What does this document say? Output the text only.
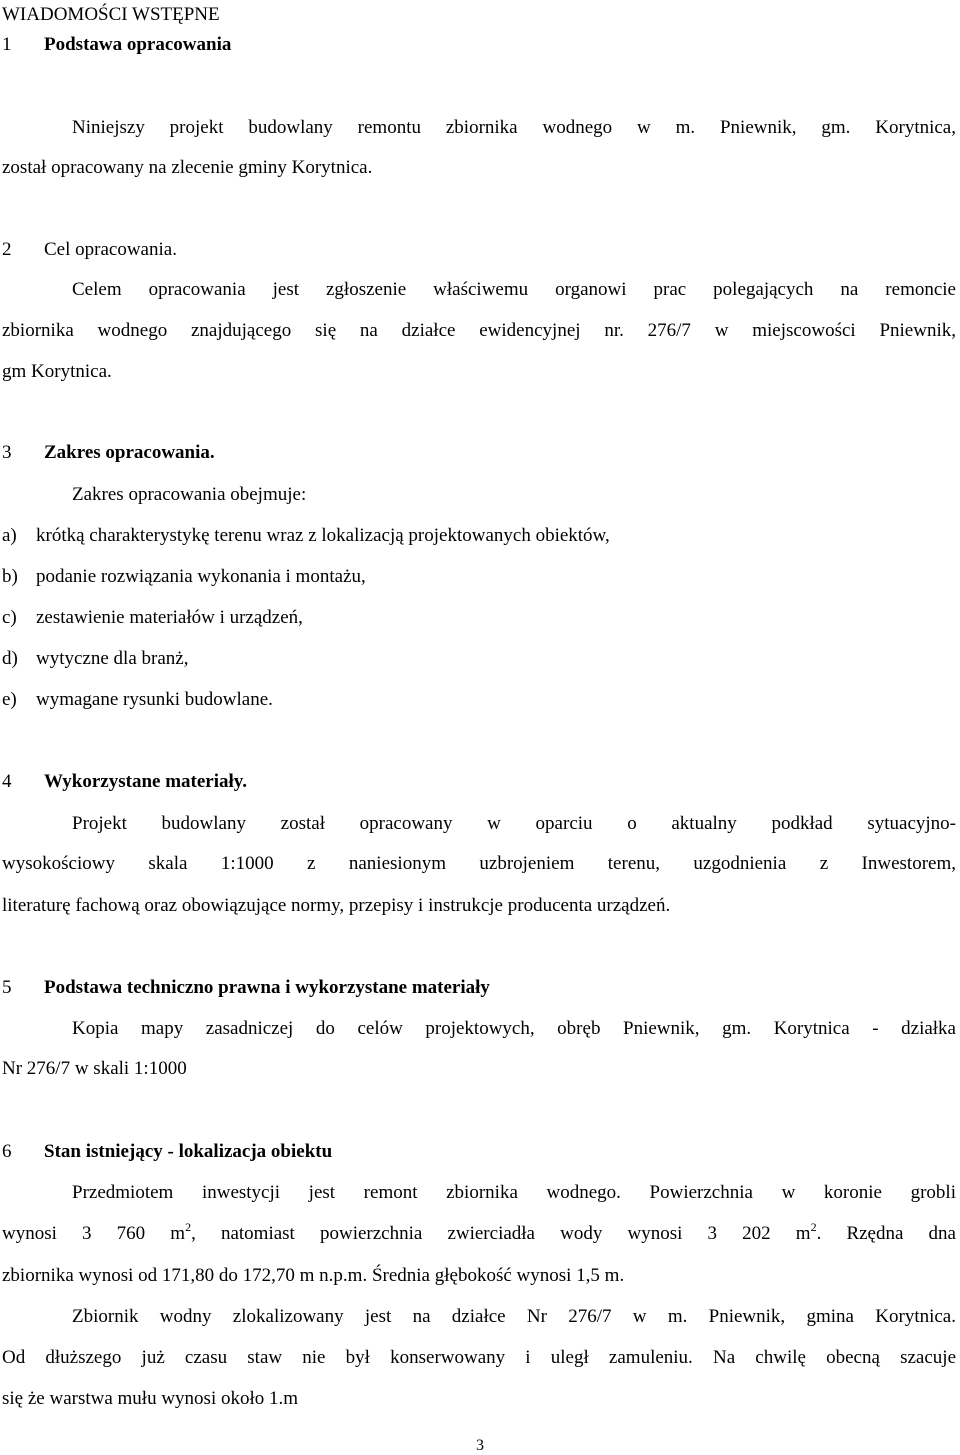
WIADOMOŚCI WSTĘPNE
1 Podstawa opracowania
Niniejszy projekt budowlany remontu zbiornika wodnego w m. Pniewnik, gm. Korytnica,
został opracowany na zlecenie gminy Korytnica.
2 Cel opracowania.
Celem opracowania jest zgłoszenie właściwemu organowi prac polegających na remoncie
zbiornika wodnego znajdującego się na działce ewidencyjnej nr. 276/7 w miejscowości Pniewnik,
gm Korytnica.
3 Zakres opracowania.
Zakres opracowania obejmuje:
a) krótką charakterystykę terenu wraz z lokalizacją projektowanych obiektów,
b) podanie rozwiązania wykonania i montażu,
c) zestawienie materiałów i urządzeń,
d) wytyczne dla branż,
e) wymagane rysunki budowlane.
4 Wykorzystane materiały.
Projekt budowlany został opracowany w oparciu o aktualny podkład sytuacyjno-
wysokościowy skala 1:1000 z naniesionym uzbrojeniem terenu, uzgodnienia z Inwestorem,
literaturę fachową oraz obowiązujące normy, przepisy i instrukcje producenta urządzeń.
5 Podstawa techniczno prawna i wykorzystane materiały
Kopia mapy zasadniczej do celów projektowych, obręb Pniewnik, gm. Korytnica - działka
Nr 276/7 w skali 1:1000
6 Stan istniejący - lokalizacja obiektu
Przedmiotem inwestycji jest remont zbiornika wodnego. Powierzchnia w koronie grobli
wynosi 3 760 $m^2$, natomiast powierzchnia zwierciadła wody wynosi 3 202 $m^2$. Rzędna dna
zbiornika wynosi od 171,80 do 172,70 m n.p.m. Średnia głębokość wynosi 1,5 m.
Zbiornik wodny zlokalizowany jest na działce Nr 276/7 w m. Pniewnik, gmina Korytnica.
Od dłuższego już czasu staw nie był konserwowany i uległ zamuleniu. Na chwilę obecną szacuje
się że warstwa mułu wynosi około 1.m
3
